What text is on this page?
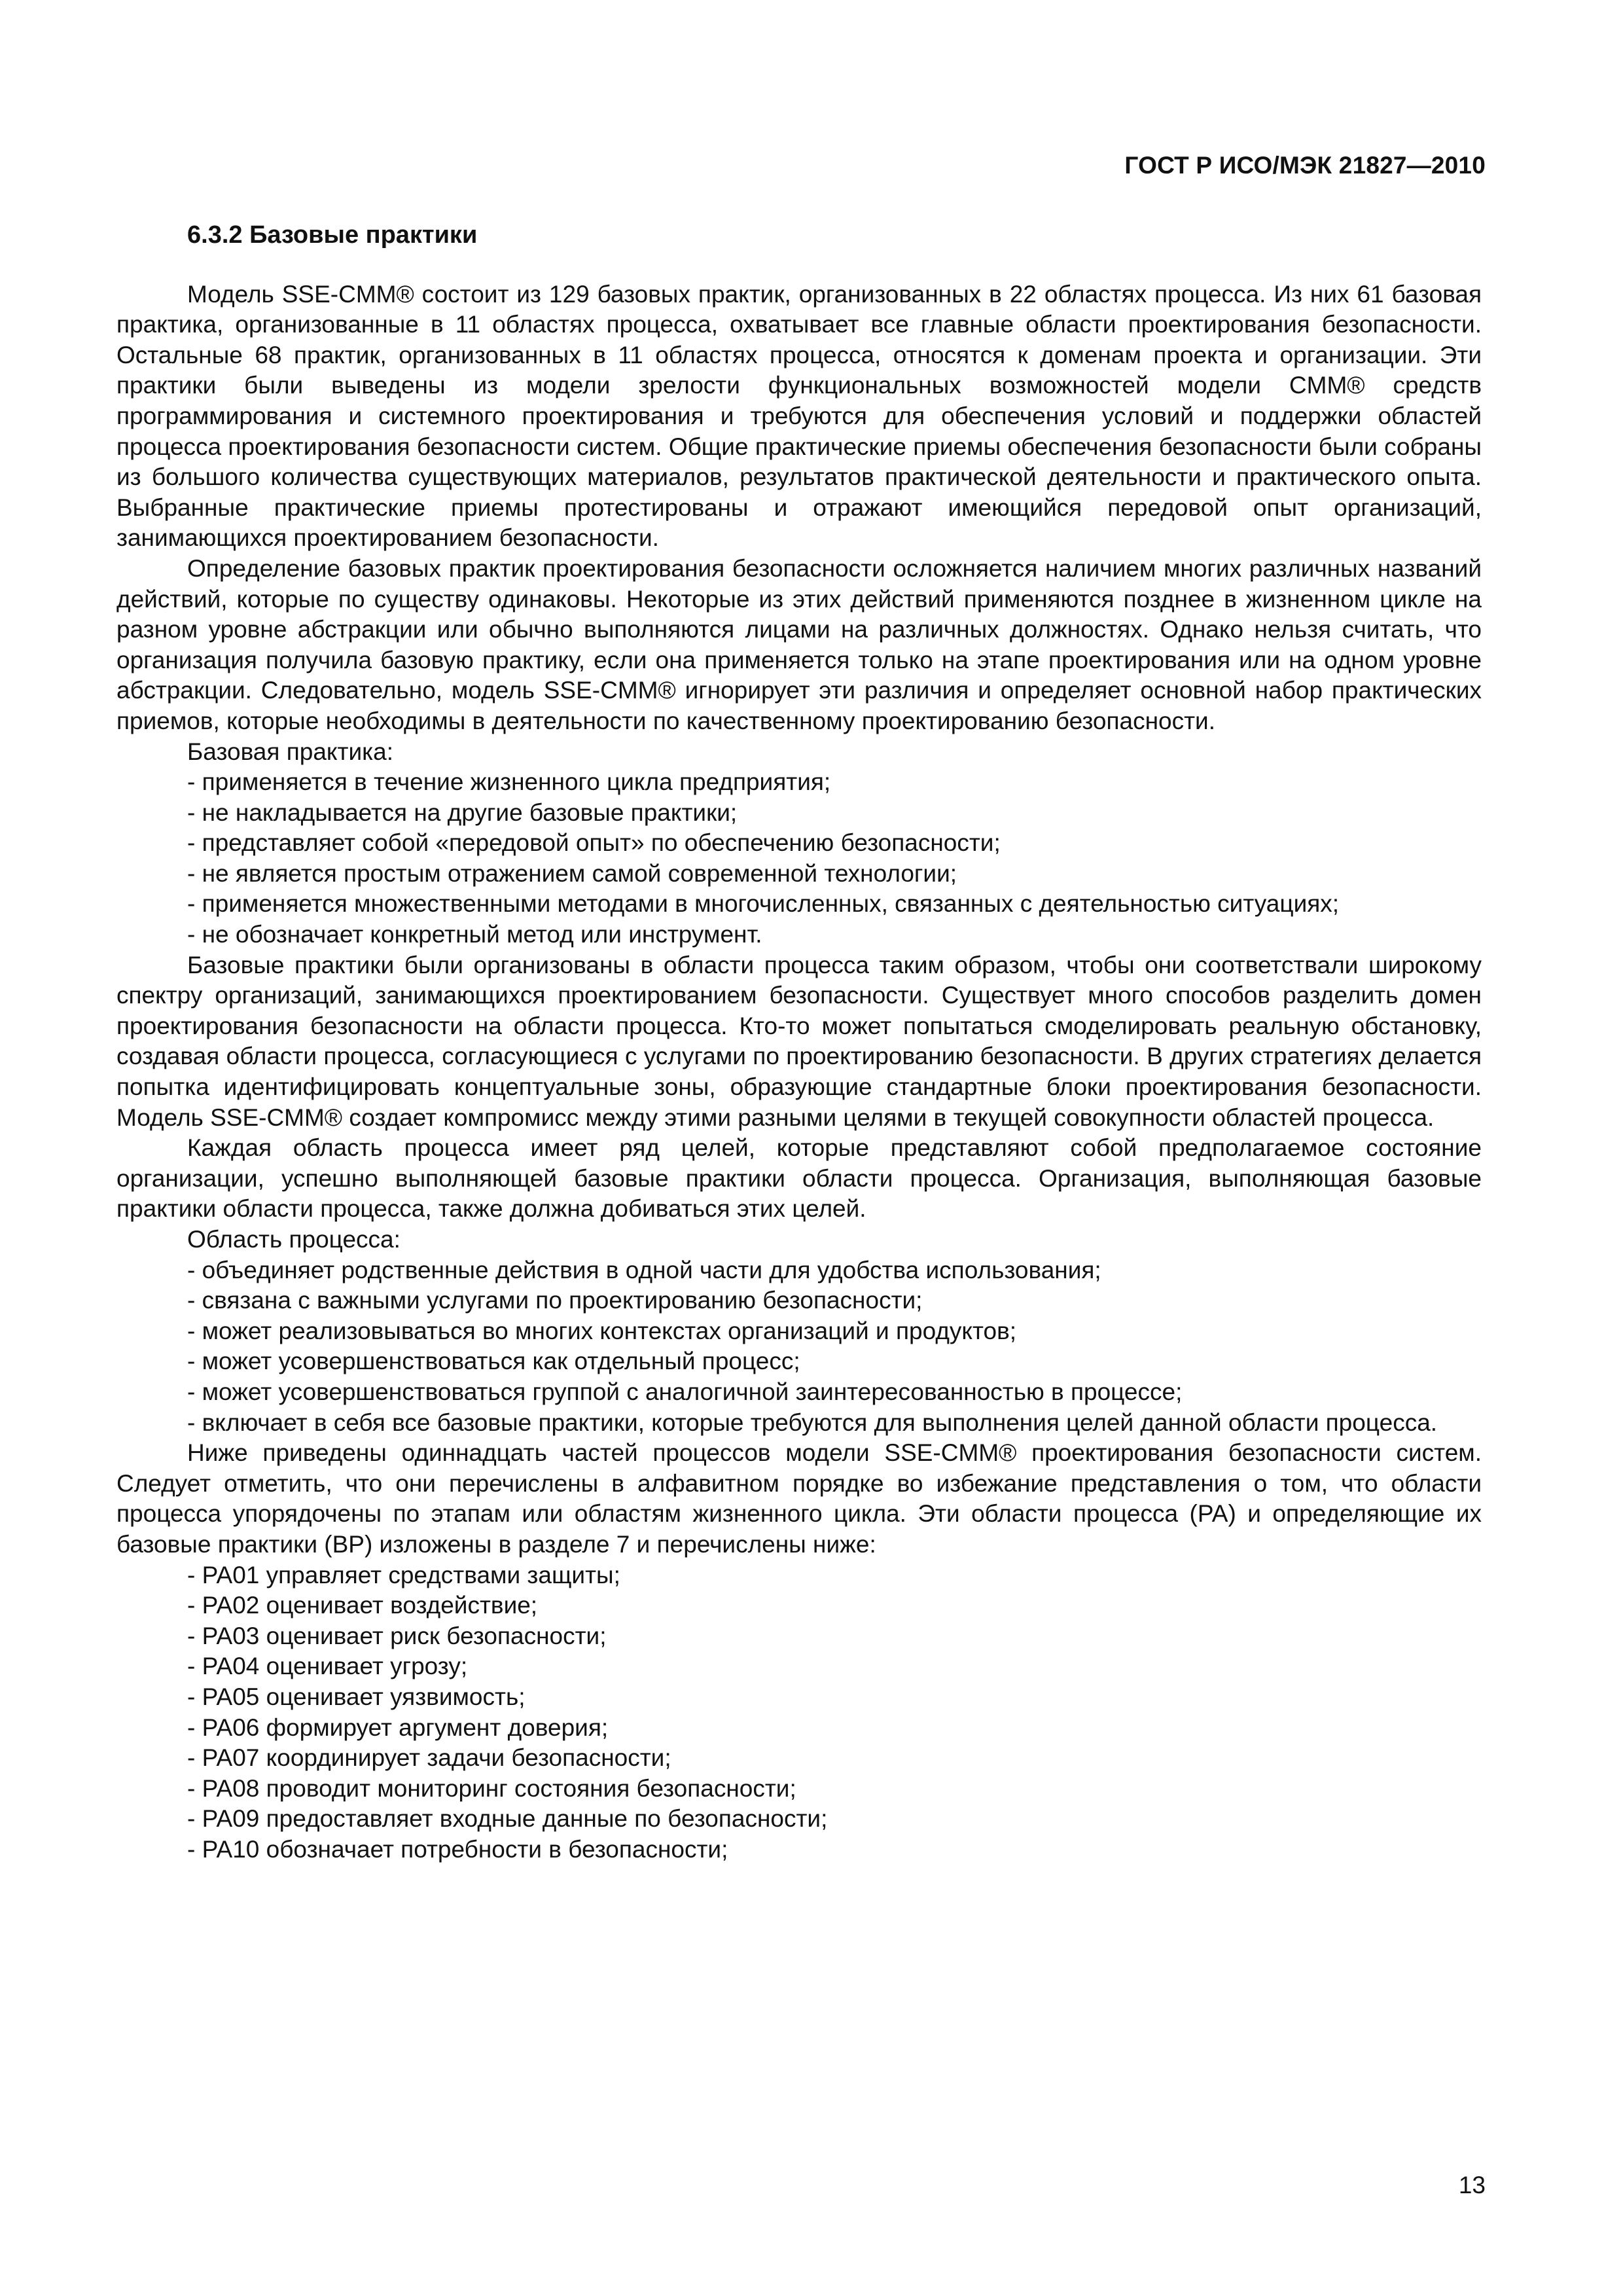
ГОСТ Р ИСО/МЭК 21827—2010
6.3.2 Базовые практики

Модель SSE-CMM® состоит из 129 базовых практик, организованных в 22 областях процесса. Из них 61 базовая практика, организованные в 11 областях процесса, охватывает все главные области проектирования безопасности. Остальные 68 практик, организованных в 11 областях процесса, относятся к доменам проекта и организации. Эти практики были выведены из модели зрелости функциональных возможностей модели CMM® средств программирования и системного проектирования и требуются для обеспечения условий и поддержки областей процесса проектирования безопасности систем. Общие практические приемы обеспечения безопасности были собраны из большого количества существующих материалов, результатов практической деятельности и практического опыта. Выбранные практические приемы протестированы и отражают имеющийся передовой опыт организаций, занимающихся проектированием безопасности.

Определение базовых практик проектирования безопасности осложняется наличием многих различных названий действий, которые по существу одинаковы. Некоторые из этих действий применяются позднее в жизненном цикле на разном уровне абстракции или обычно выполняются лицами на различных должностях. Однако нельзя считать, что организация получила базовую практику, если она применяется только на этапе проектирования или на одном уровне абстракции. Следовательно, модель SSE-CMM® игнорирует эти различия и определяет основной набор практических приемов, которые необходимы в деятельности по качественному проектированию безопасности.

Базовая практика:

- применяется в течение жизненного цикла предприятия;

- не накладывается на другие базовые практики;

- представляет собой «передовой опыт» по обеспечению безопасности;

- не является простым отражением самой современной технологии;

- применяется множественными методами в многочисленных, связанных с деятельностью ситуациях;

- не обозначает конкретный метод или инструмент.

Базовые практики были организованы в области процесса таким образом, чтобы они соответствали широкому спектру организаций, занимающихся проектированием безопасности. Существует много способов разделить домен проектирования безопасности на области процесса. Кто-то может попытаться смоделировать реальную обстановку, создавая области процесса, согласующиеся с услугами по проектированию безопасности. В других стратегиях делается попытка идентифицировать концептуальные зоны, образующие стандартные блоки проектирования безопасности. Модель SSE-CMM® создает компромисс между этими разными целями в текущей совокупности областей процесса.

Каждая область процесса имеет ряд целей, которые представляют собой предполагаемое состояние организации, успешно выполняющей базовые практики области процесса. Организация, выполняющая базовые практики области процесса, также должна добиваться этих целей.

Область процесса:

- объединяет родственные действия в одной части для удобства использования;

- связана с важными услугами по проектированию безопасности;

- может реализовываться во многих контекстах организаций и продуктов;

- может усовершенствоваться как отдельный процесс;

- может усовершенствоваться группой с аналогичной заинтересованностью в процессе;

- включает в себя все базовые практики, которые требуются для выполнения целей данной области процесса.

Ниже приведены одиннадцать частей процессов модели SSE-CMM® проектирования безопасности систем. Следует отметить, что они перечислены в алфавитном порядке во избежание представления о том, что области процесса упорядочены по этапам или областям жизненного цикла. Эти области процесса (PA) и определяющие их базовые практики (BP) изложены в разделе 7 и перечислены ниже:

- PA01 управляет средствами защиты;

- PA02 оценивает воздействие;

- PA03 оценивает риск безопасности;

- PA04 оценивает угрозу;

- PA05 оценивает уязвимость;

- PA06 формирует аргумент доверия;

- PA07 координирует задачи безопасности;

- PA08 проводит мониторинг состояния безопасности;

- PA09 предоставляет входные данные по безопасности;

- PA10 обозначает потребности в безопасности;

13
